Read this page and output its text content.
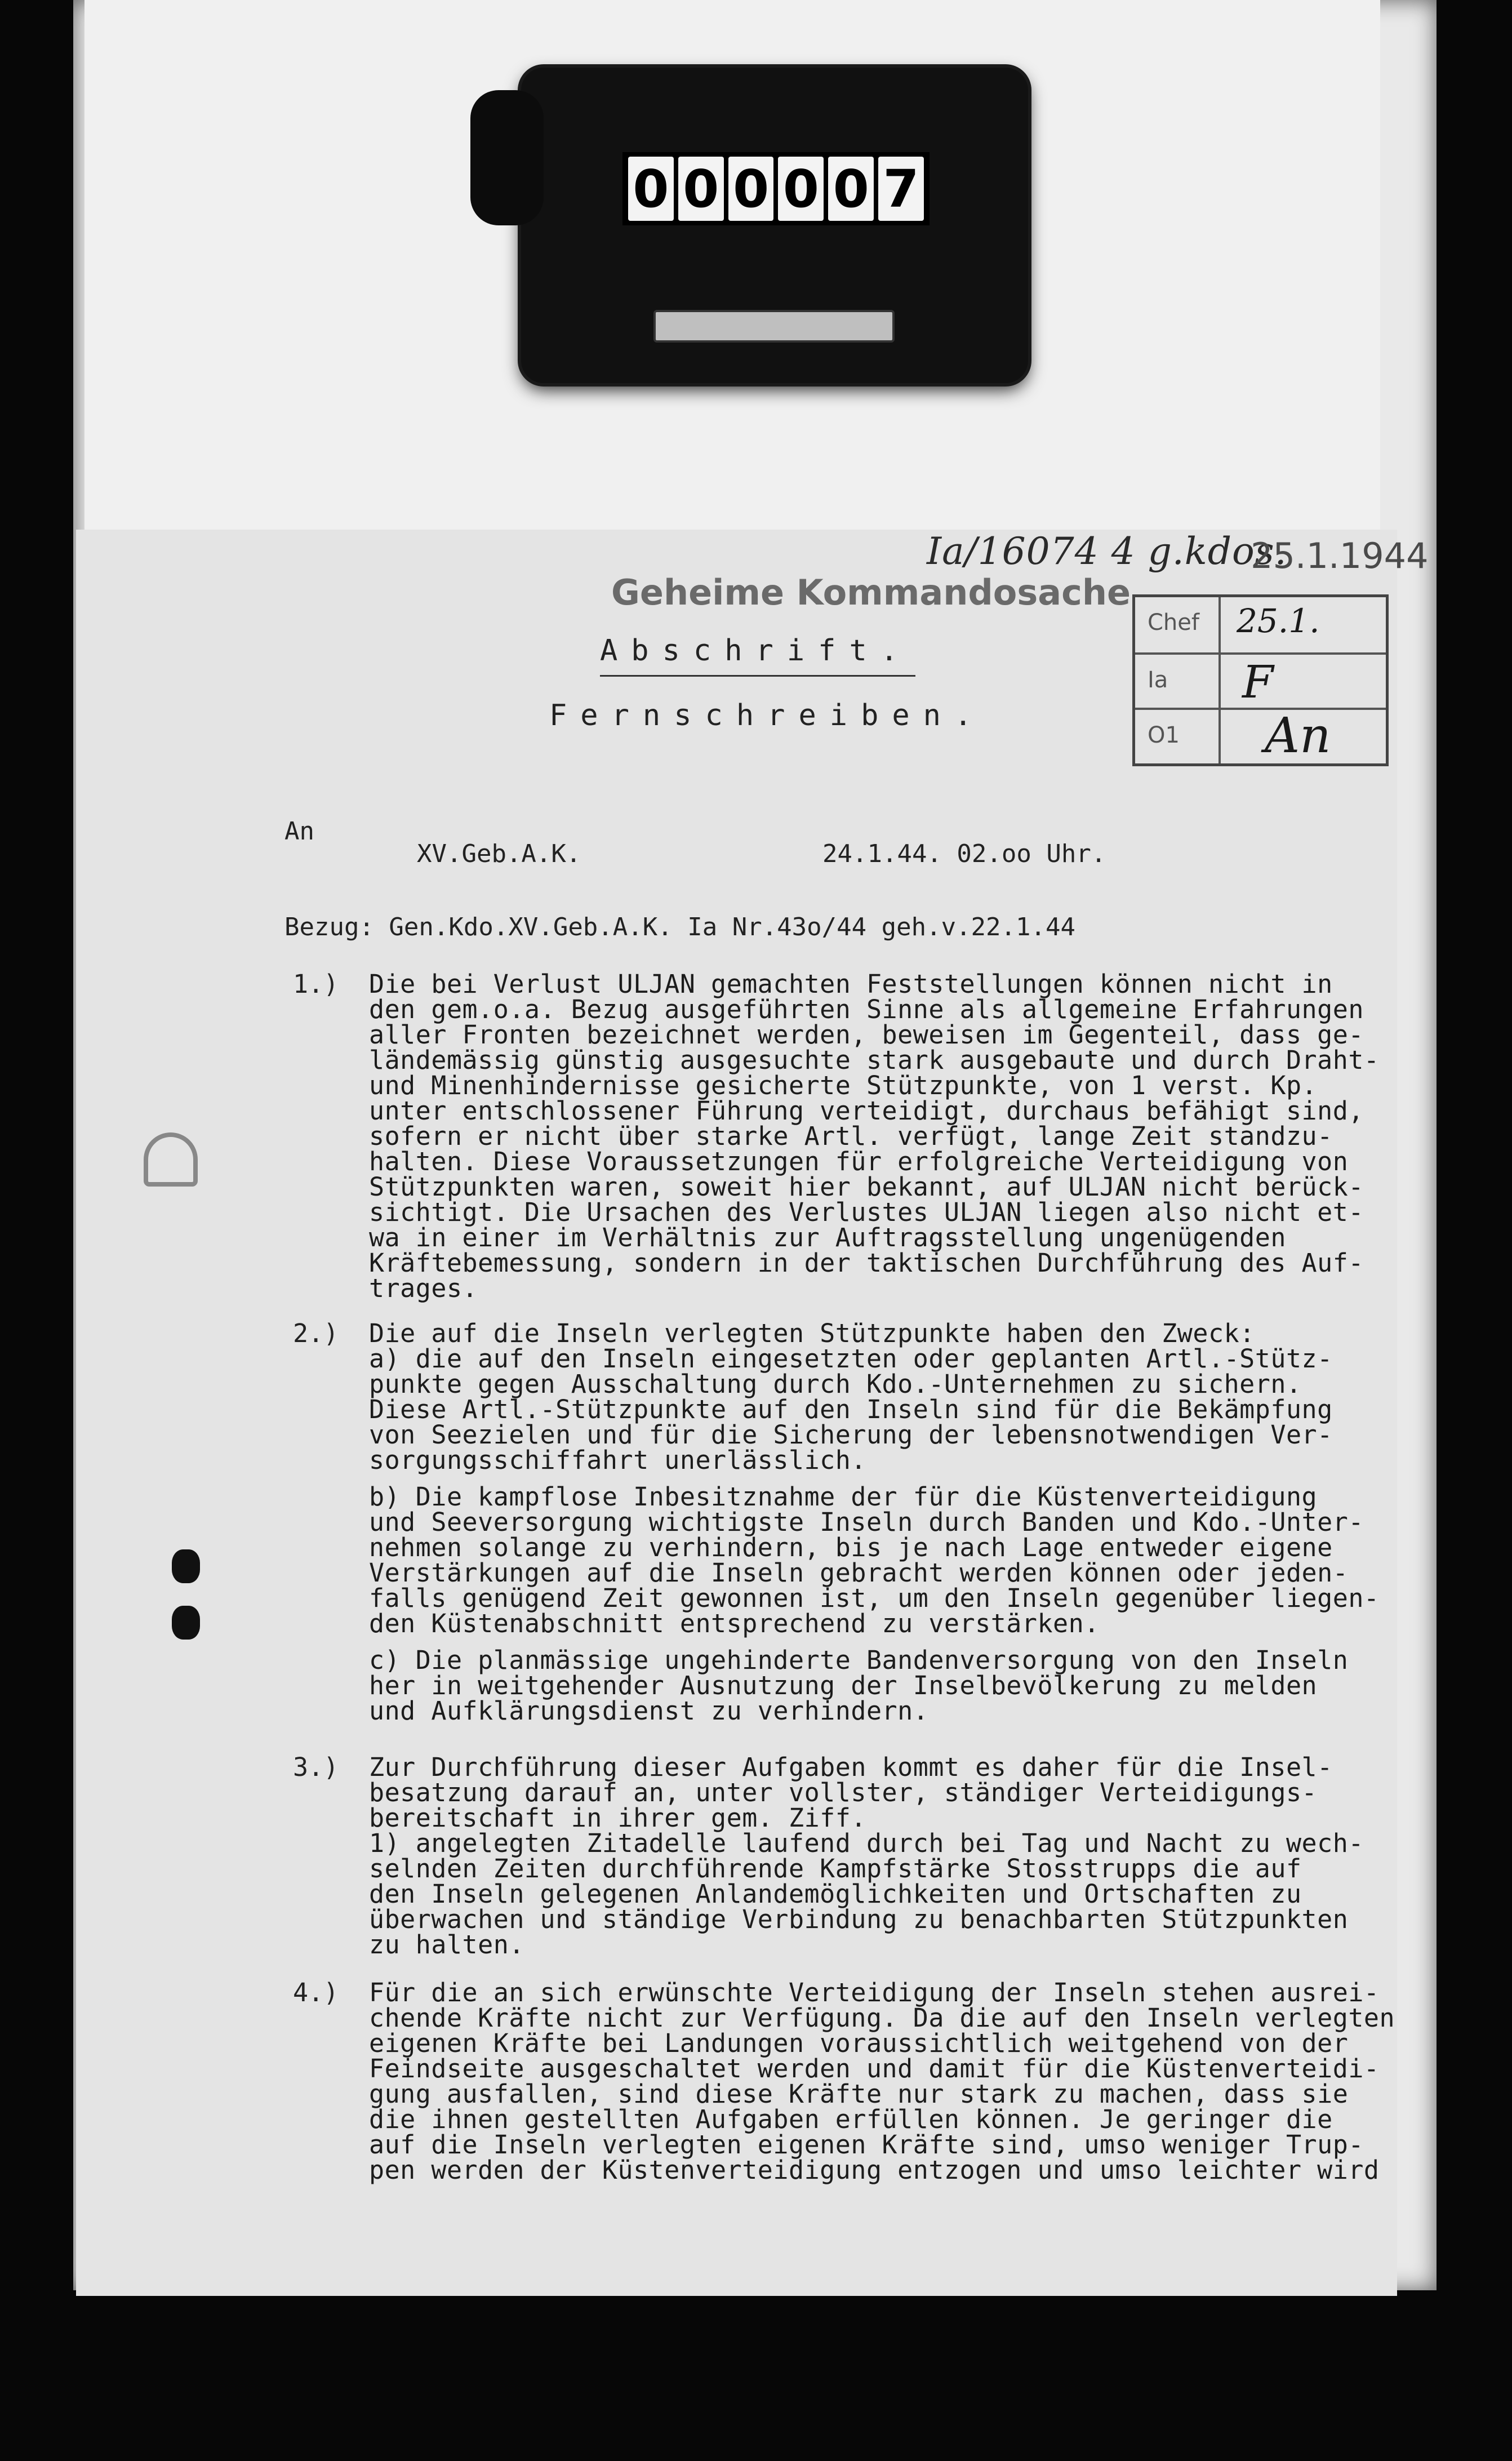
0 0 0 0 0 7
Ia/16074 4 g.kdos.
25.1.1944
Geheime Kommandosache
Abschrift.
Fernschreiben.
Chef 25.1.
Ia F
O1 An
An
XV.Geb.A.K.	24.1.44. 02.oo Uhr.
Bezug: Gen.Kdo.XV.Geb.A.K. Ia Nr.43o/44 geh.v.22.1.44
1.) Die bei Verlust ULJAN gemachten Feststellungen können nicht in
den gem.o.a. Bezug ausgeführten Sinne als allgemeine Erfahrungen
aller Fronten bezeichnet werden, beweisen im Gegenteil, dass ge-
ländemässig günstig ausgesuchte stark ausgebaute und durch Draht-
und Minenhindernisse gesicherte Stützpunkte, von 1 verst. Kp.
unter entschlossener Führung verteidigt, durchaus befähigt sind,
sofern er nicht über starke Artl. verfügt, lange Zeit standzu-
halten. Diese Voraussetzungen für erfolgreiche Verteidigung von
Stützpunkten waren, soweit hier bekannt, auf ULJAN nicht berück-
sichtigt. Die Ursachen des Verlustes ULJAN liegen also nicht et-
wa in einer im Verhältnis zur Auftragsstellung ungenügenden
Kräftebemessung, sondern in der taktischen Durchführung des Auf-
trages.
2.) Die auf die Inseln verlegten Stützpunkte haben den Zweck:
a) die auf den Inseln eingesetzten oder geplanten Artl.-Stütz-
punkte gegen Ausschaltung durch Kdo.-Unternehmen zu sichern.
Diese Artl.-Stützpunkte auf den Inseln sind für die Bekämpfung
von Seezielen und für die Sicherung der lebensnotwendigen Ver-
sorgungsschiffahrt unerlässlich.
b) Die kampflose Inbesitznahme der für die Küstenverteidigung
und Seeversorgung wichtigste Inseln durch Banden und Kdo.-Unter-
nehmen solange zu verhindern, bis je nach Lage entweder eigene
Verstärkungen auf die Inseln gebracht werden können oder jeden-
falls genügend Zeit gewonnen ist, um den Inseln gegenüber liegen-
den Küstenabschnitt entsprechend zu verstärken.
c) Die planmässige ungehinderte Bandenversorgung von den Inseln
her in weitgehender Ausnutzung der Inselbevölkerung zu melden
und Aufklärungsdienst zu verhindern.
3.) Zur Durchführung dieser Aufgaben kommt es daher für die Insel-
besatzung darauf an, unter vollster, ständiger Verteidigungs-
bereitschaft in ihrer gem. Ziff.
1) angelegten Zitadelle laufend durch bei Tag und Nacht zu wech-
selnden Zeiten durchführende Kampfstärke Stosstrupps die auf
den Inseln gelegenen Anlandemöglichkeiten und Ortschaften zu
überwachen und ständige Verbindung zu benachbarten Stützpunkten
zu halten.
4.) Für die an sich erwünschte Verteidigung der Inseln stehen ausrei-
chende Kräfte nicht zur Verfügung. Da die auf den Inseln verlegten
eigenen Kräfte bei Landungen voraussichtlich weitgehend von der
Feindseite ausgeschaltet werden und damit für die Küstenverteidi-
gung ausfallen, sind diese Kräfte nur stark zu machen, dass sie
die ihnen gestellten Aufgaben erfüllen können. Je geringer die
auf die Inseln verlegten eigenen Kräfte sind, umso weniger Trup-
pen werden der Küstenverteidigung entzogen und umso leichter wird
